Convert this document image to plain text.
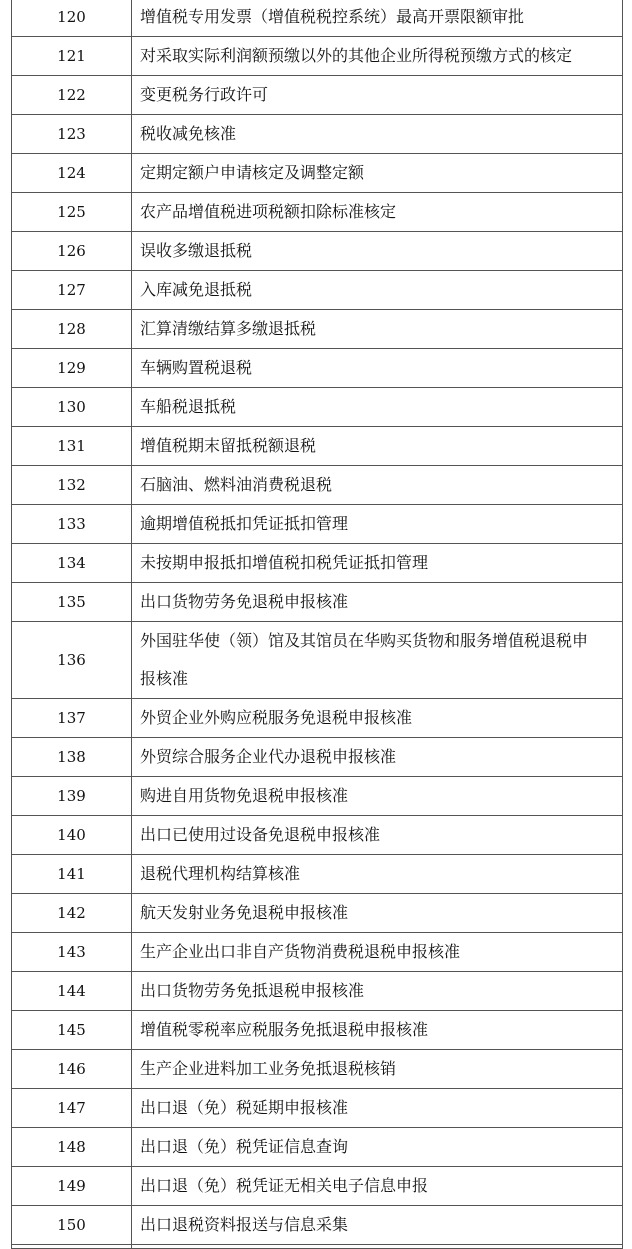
120	增值税专用发票（增值税税控系统）最高开票限额审批
121	对采取实际利润额预缴以外的其他企业所得税预缴方式的核定
122	变更税务行政许可
123	税收减免核准
124	定期定额户申请核定及调整定额
125	农产品增值税进项税额扣除标准核定
126	误收多缴退抵税
127	入库减免退抵税
128	汇算清缴结算多缴退抵税
129	车辆购置税退税
130	车船税退抵税
131	增值税期末留抵税额退税
132	石脑油、燃料油消费税退税
133	逾期增值税抵扣凭证抵扣管理
134	未按期申报抵扣增值税扣税凭证抵扣管理
135	出口货物劳务免退税申报核准
136	外国驻华使（领）馆及其馆员在华购买货物和服务增值税退税申报核准
137	外贸企业外购应税服务免退税申报核准
138	外贸综合服务企业代办退税申报核准
139	购进自用货物免退税申报核准
140	出口已使用过设备免退税申报核准
141	退税代理机构结算核准
142	航天发射业务免退税申报核准
143	生产企业出口非自产货物消费税退税申报核准
144	出口货物劳务免抵退税申报核准
145	增值税零税率应税服务免抵退税申报核准
146	生产企业进料加工业务免抵退税核销
147	出口退（免）税延期申报核准
148	出口退（免）税凭证信息查询
149	出口退（免）税凭证无相关电子信息申报
150	出口退税资料报送与信息采集
